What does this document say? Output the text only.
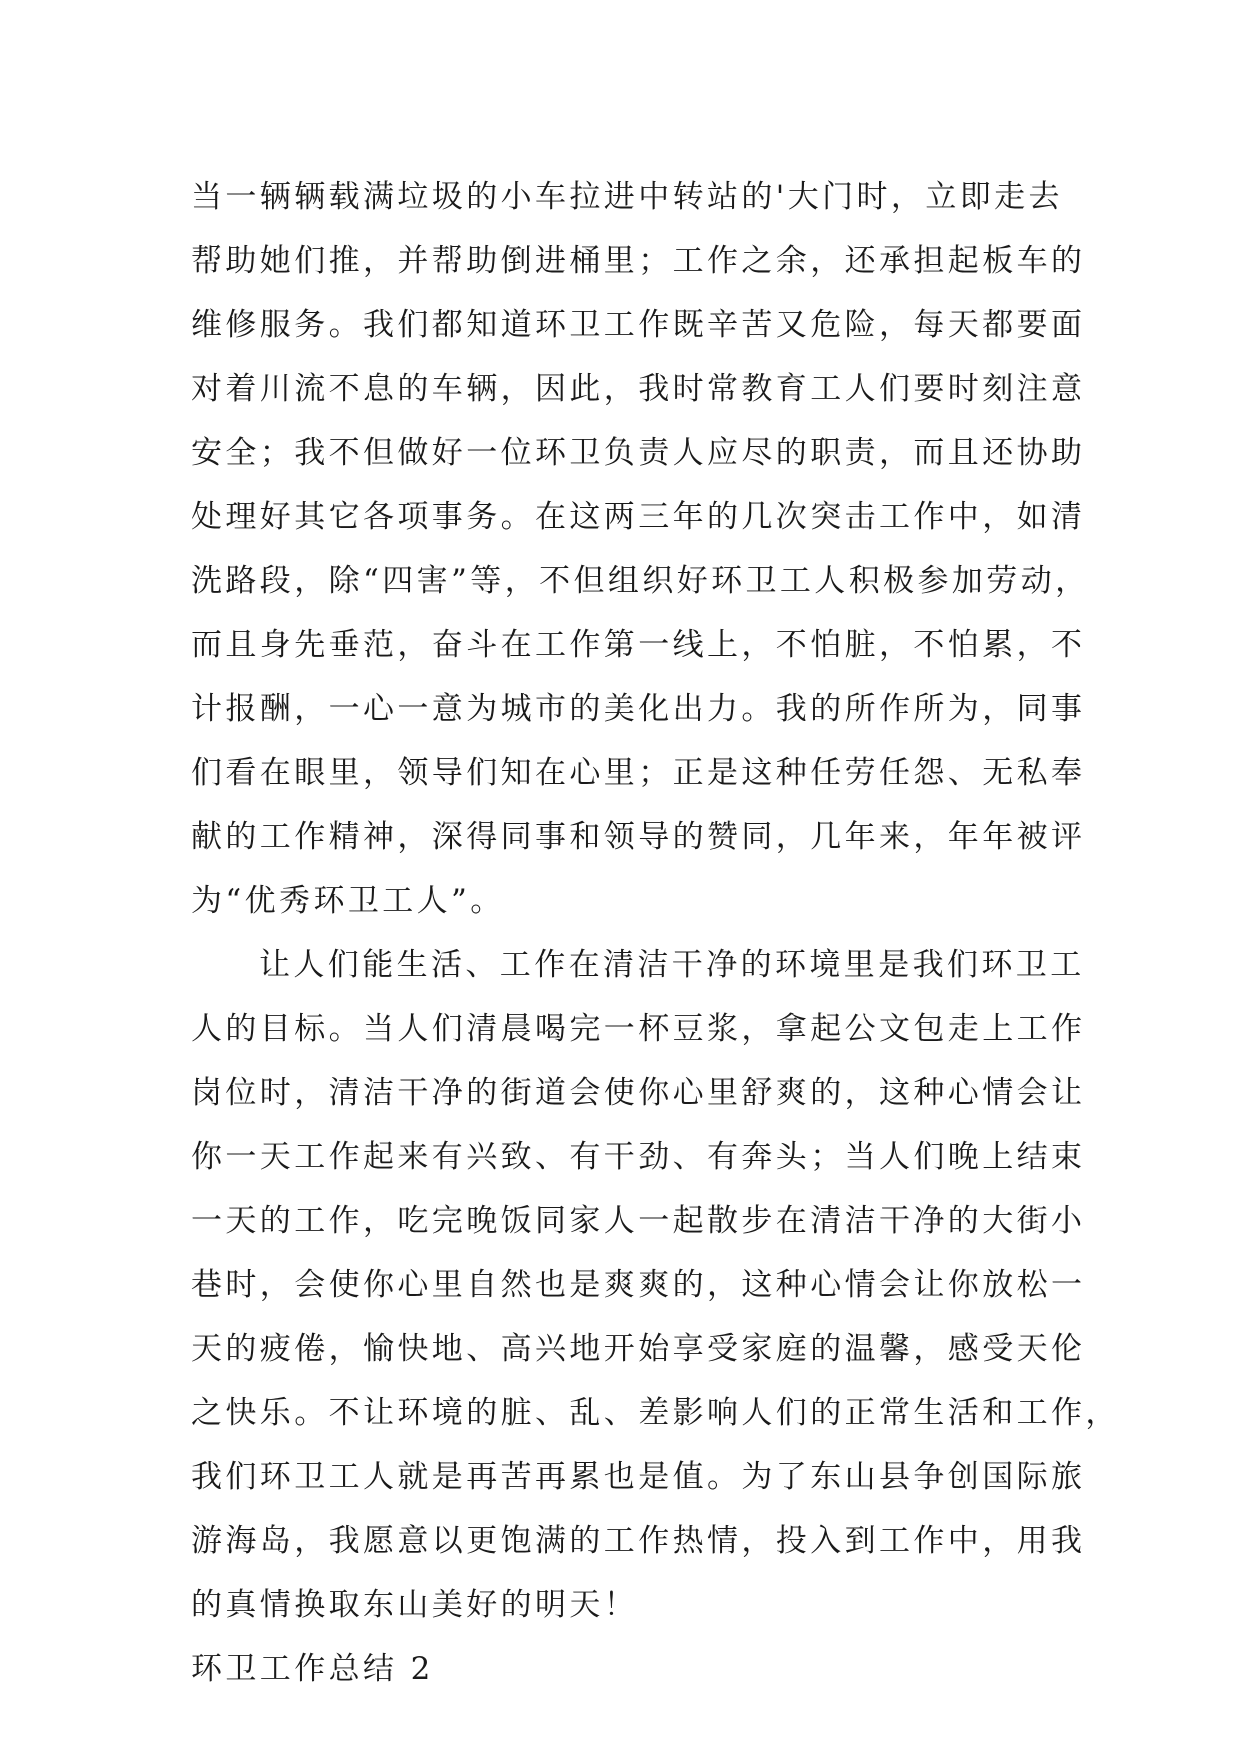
当一辆辆载满垃圾的小车拉进中转站的'大门时，立即走去
帮助她们推，并帮助倒进桶里；工作之余，还承担起板车的
维修服务。我们都知道环卫工作既辛苦又危险，每天都要面
对着川流不息的车辆，因此，我时常教育工人们要时刻注意
安全；我不但做好一位环卫负责人应尽的职责，而且还协助
处理好其它各项事务。在这两三年的几次突击工作中，如清
洗路段，除“四害”等，不但组织好环卫工人积极参加劳动，
而且身先垂范，奋斗在工作第一线上，不怕脏，不怕累，不
计报酬，一心一意为城市的美化出力。我的所作所为，同事
们看在眼里，领导们知在心里；正是这种任劳任怨、无私奉
献的工作精神，深得同事和领导的赞同，几年来，年年被评
为“优秀环卫工人”。
让人们能生活、工作在清洁干净的环境里是我们环卫工
人的目标。当人们清晨喝完一杯豆浆，拿起公文包走上工作
岗位时，清洁干净的街道会使你心里舒爽的，这种心情会让
你一天工作起来有兴致、有干劲、有奔头；当人们晚上结束
一天的工作，吃完晚饭同家人一起散步在清洁干净的大街小
巷时，会使你心里自然也是爽爽的，这种心情会让你放松一
天的疲倦，愉快地、高兴地开始享受家庭的温馨，感受天伦
之快乐。不让环境的脏、乱、差影响人们的正常生活和工作，
我们环卫工人就是再苦再累也是值。为了东山县争创国际旅
游海岛，我愿意以更饱满的工作热情，投入到工作中，用我
的真情换取东山美好的明天！
环卫工作总结 2
